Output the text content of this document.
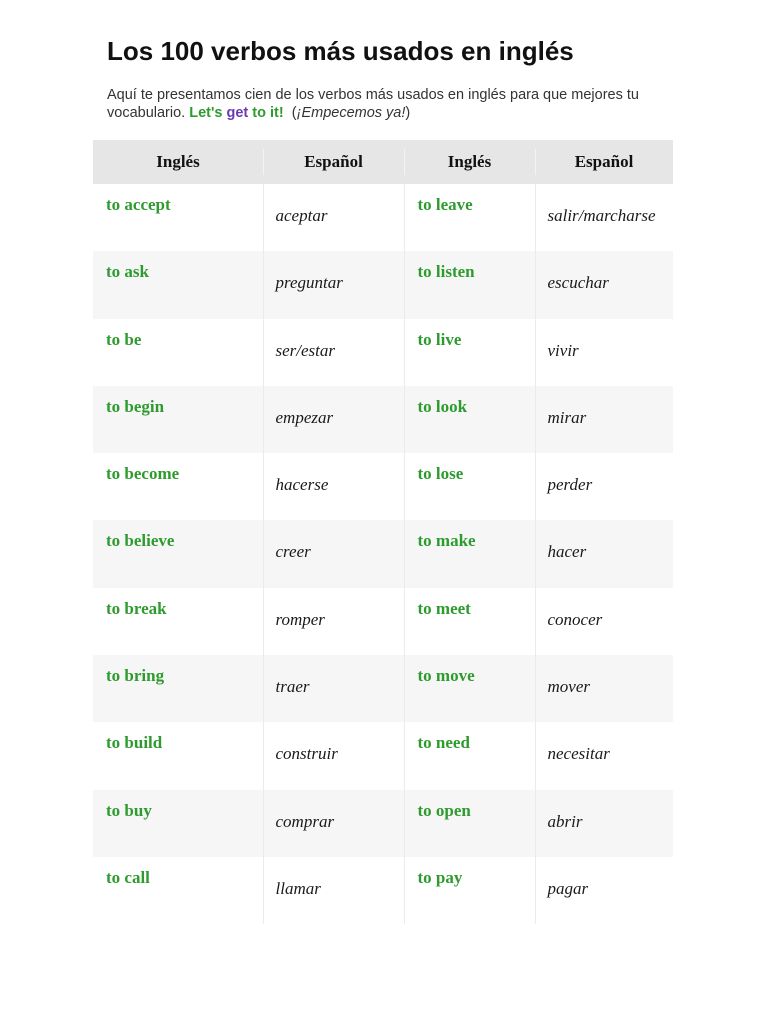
Los 100 verbos más usados en inglés

Aquí te presentamos cien de los verbos más usados en inglés para que mejores tu vocabulario. Let's get to it! (¡Empecemos ya!)

Inglés	Español	Inglés	Español

to accept	aceptar	to leave	salir/marcharse

to ask	preguntar	to listen	escuchar

to be	ser/estar	to live	vivir

to begin	empezar	to look	mirar

to become	hacerse	to lose	perder

to believe	creer	to make	hacer

to break	romper	to meet	conocer

to bring	traer	to move	mover

to build	construir	to need	necesitar

to buy	comprar	to open	abrir

to call	llamar	to pay	pagar
